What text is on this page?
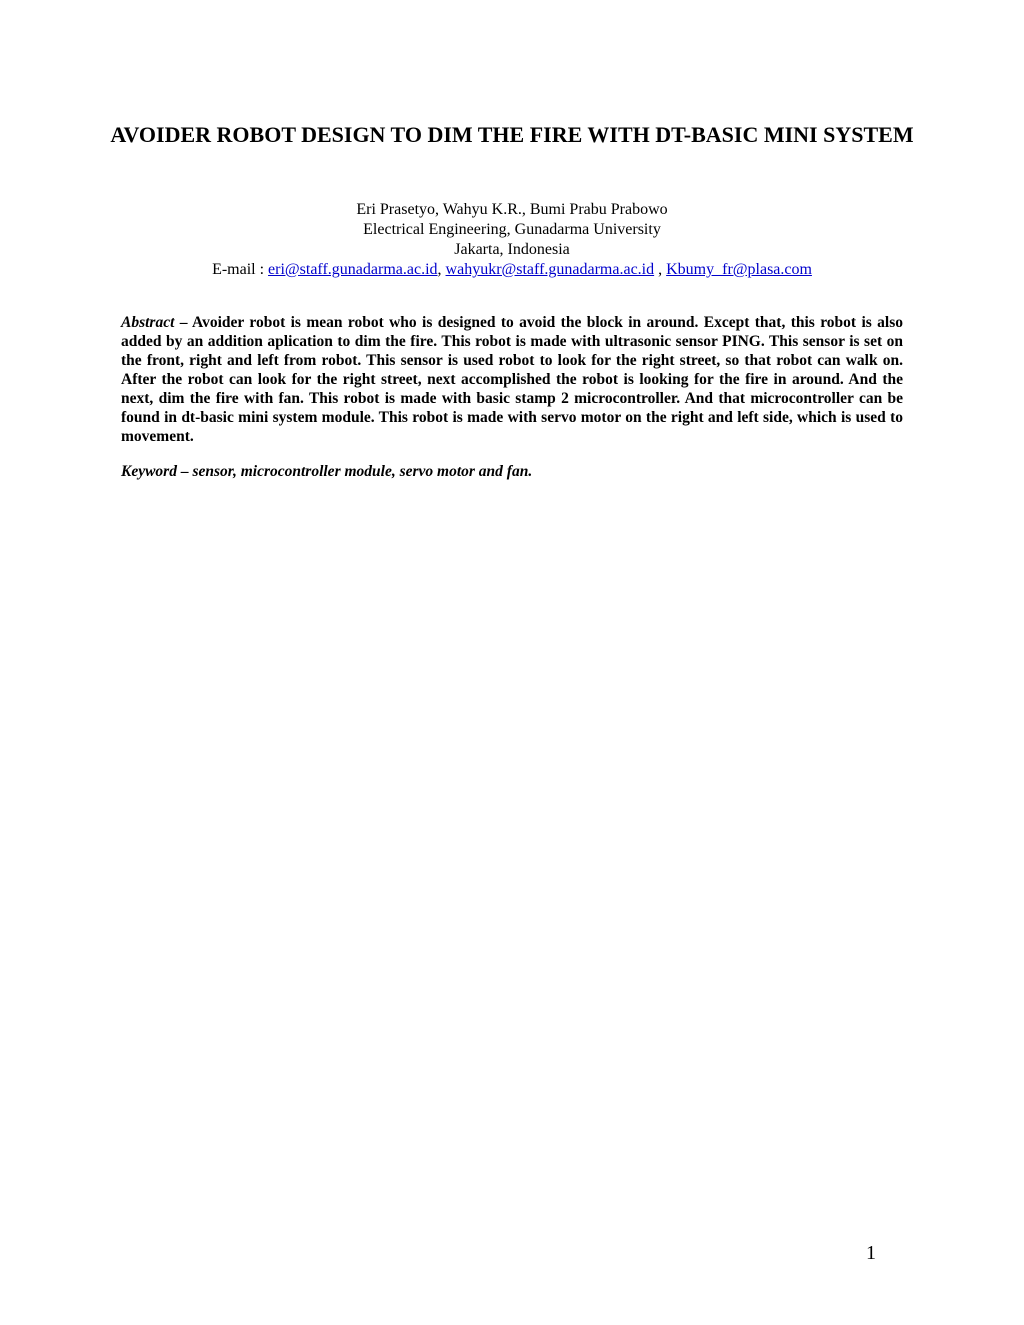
AVOIDER ROBOT DESIGN TO DIM THE FIRE WITH DT-BASIC MINI SYSTEM
Eri Prasetyo, Wahyu K.R., Bumi Prabu Prabowo
Electrical Engineering, Gunadarma University
Jakarta, Indonesia
E-mail : eri@staff.gunadarma.ac.id, wahyukr@staff.gunadarma.ac.id , Kbumy_fr@plasa.com
Abstract – Avoider robot is mean robot who is designed to avoid the block in around. Except that, this robot is also added by an addition aplication to dim the fire. This robot is made with ultrasonic sensor PING. This sensor is set on the front, right and left from robot. This sensor is used robot to look for the right street, so that robot can walk on. After the robot can look for the right street, next accomplished the robot is looking for the fire in around. And the next, dim the fire with fan. This robot is made with basic stamp 2 microcontroller. And that microcontroller can be found in dt-basic mini system module. This robot is made with servo motor on the right and left side, which is used to movement.
Keyword – sensor, microcontroller module, servo motor and fan.
1
